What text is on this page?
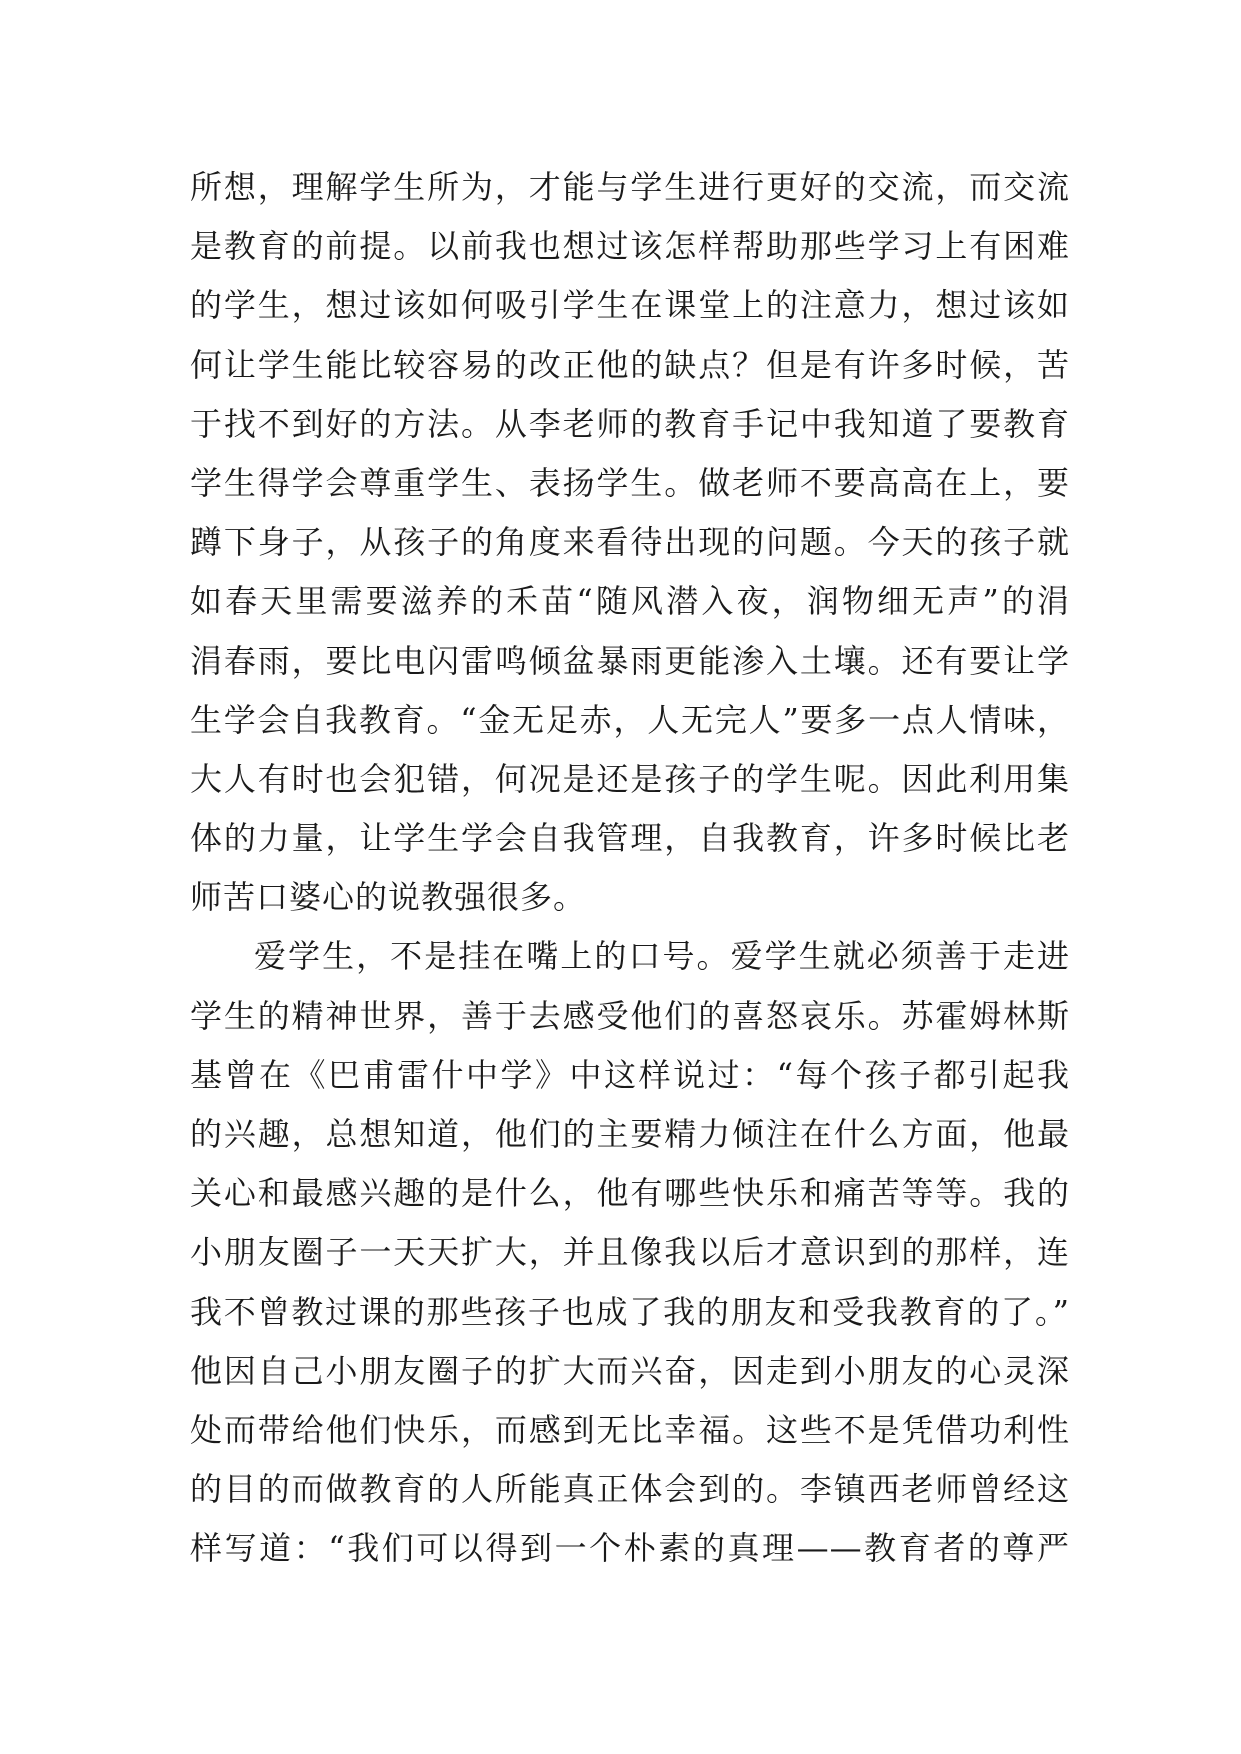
所想，理解学生所为，才能与学生进行更好的交流，而交流
是教育的前提。以前我也想过该怎样帮助那些学习上有困难
的学生，想过该如何吸引学生在课堂上的注意力，想过该如
何让学生能比较容易的改正他的缺点？但是有许多时候，苦
于找不到好的方法。从李老师的教育手记中我知道了要教育
学生得学会尊重学生、表扬学生。做老师不要高高在上，要
蹲下身子，从孩子的角度来看待出现的问题。今天的孩子就
如春天里需要滋养的禾苗“随风潜入夜，润物细无声”的涓
涓春雨，要比电闪雷鸣倾盆暴雨更能渗入土壤。还有要让学
生学会自我教育。“金无足赤，人无完人”要多一点人情味，
大人有时也会犯错，何况是还是孩子的学生呢。因此利用集
体的力量，让学生学会自我管理，自我教育，许多时候比老
师苦口婆心的说教强很多。
爱学生，不是挂在嘴上的口号。爱学生就必须善于走进
学生的精神世界，善于去感受他们的喜怒哀乐。苏霍姆林斯
基曾在《巴甫雷什中学》中这样说过：“每个孩子都引起我
的兴趣，总想知道，他们的主要精力倾注在什么方面，他最
关心和最感兴趣的是什么，他有哪些快乐和痛苦等等。我的
小朋友圈子一天天扩大，并且像我以后才意识到的那样，连
我不曾教过课的那些孩子也成了我的朋友和受我教育的了。”
他因自己小朋友圈子的扩大而兴奋，因走到小朋友的心灵深
处而带给他们快乐，而感到无比幸福。这些不是凭借功利性
的目的而做教育的人所能真正体会到的。李镇西老师曾经这
样写道：“我们可以得到一个朴素的真理——教育者的尊严
